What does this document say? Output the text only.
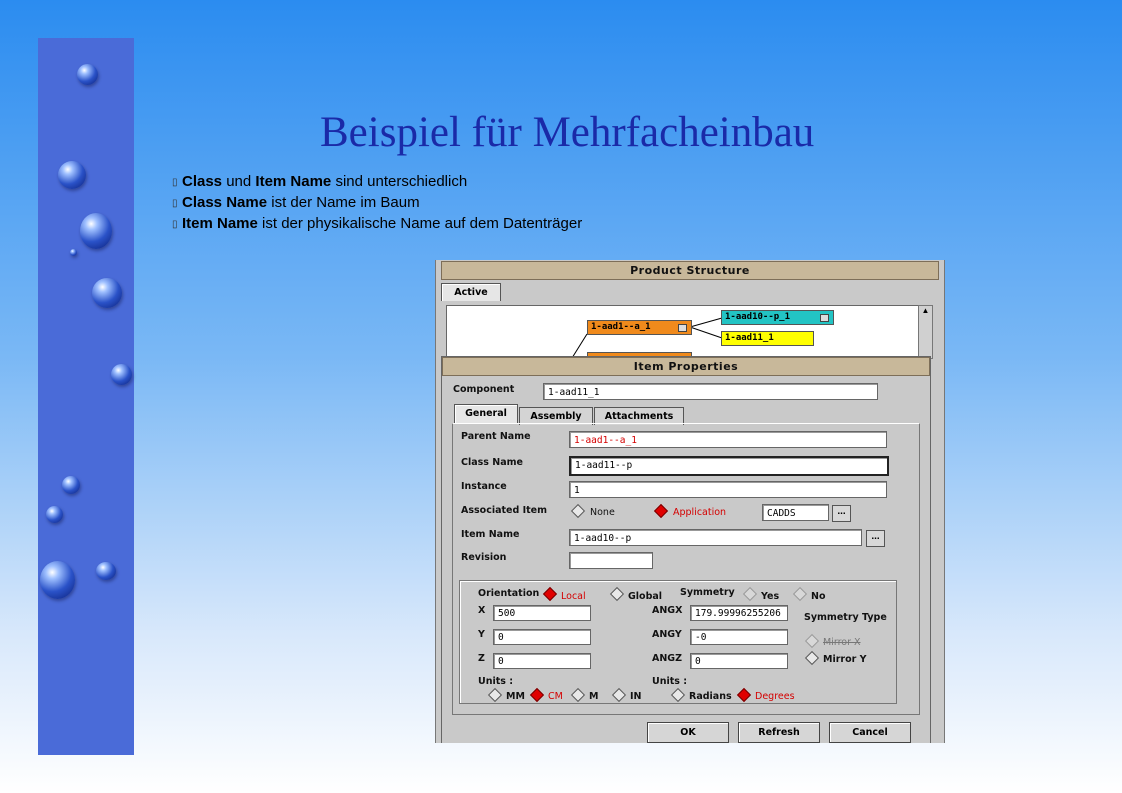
Beispiel für Mehrfacheinbau
▯ Class und Item Name sind unterschiedlich
▯ Class Name ist der Name im Baum
▯ Item Name ist der physikalische Name auf dem Datenträger
Product Structure
Active
1-aad1--a_1
1-aad10--p_1
1-aad11_1
▲
Item Properties
Component	1-aad11_1
General	Assembly	Attachments
Parent Name	1-aad1--a_1
Class Name	1-aad11--p
Instance	1
Associated Item	None	Application	CADDS	...
Item Name	1-aad10--p	...
Revision
Orientation Local	Global Symmetry	Yes	No
X	500
Y	0
Z	0
ANGX	179.99996255206
ANGY	-0
ANGZ	0
Symmetry Type
Mirror X
Mirror Y
Units :
MM CM	M	IN
Units :
Radians Degrees
OK	Refresh	Cancel
